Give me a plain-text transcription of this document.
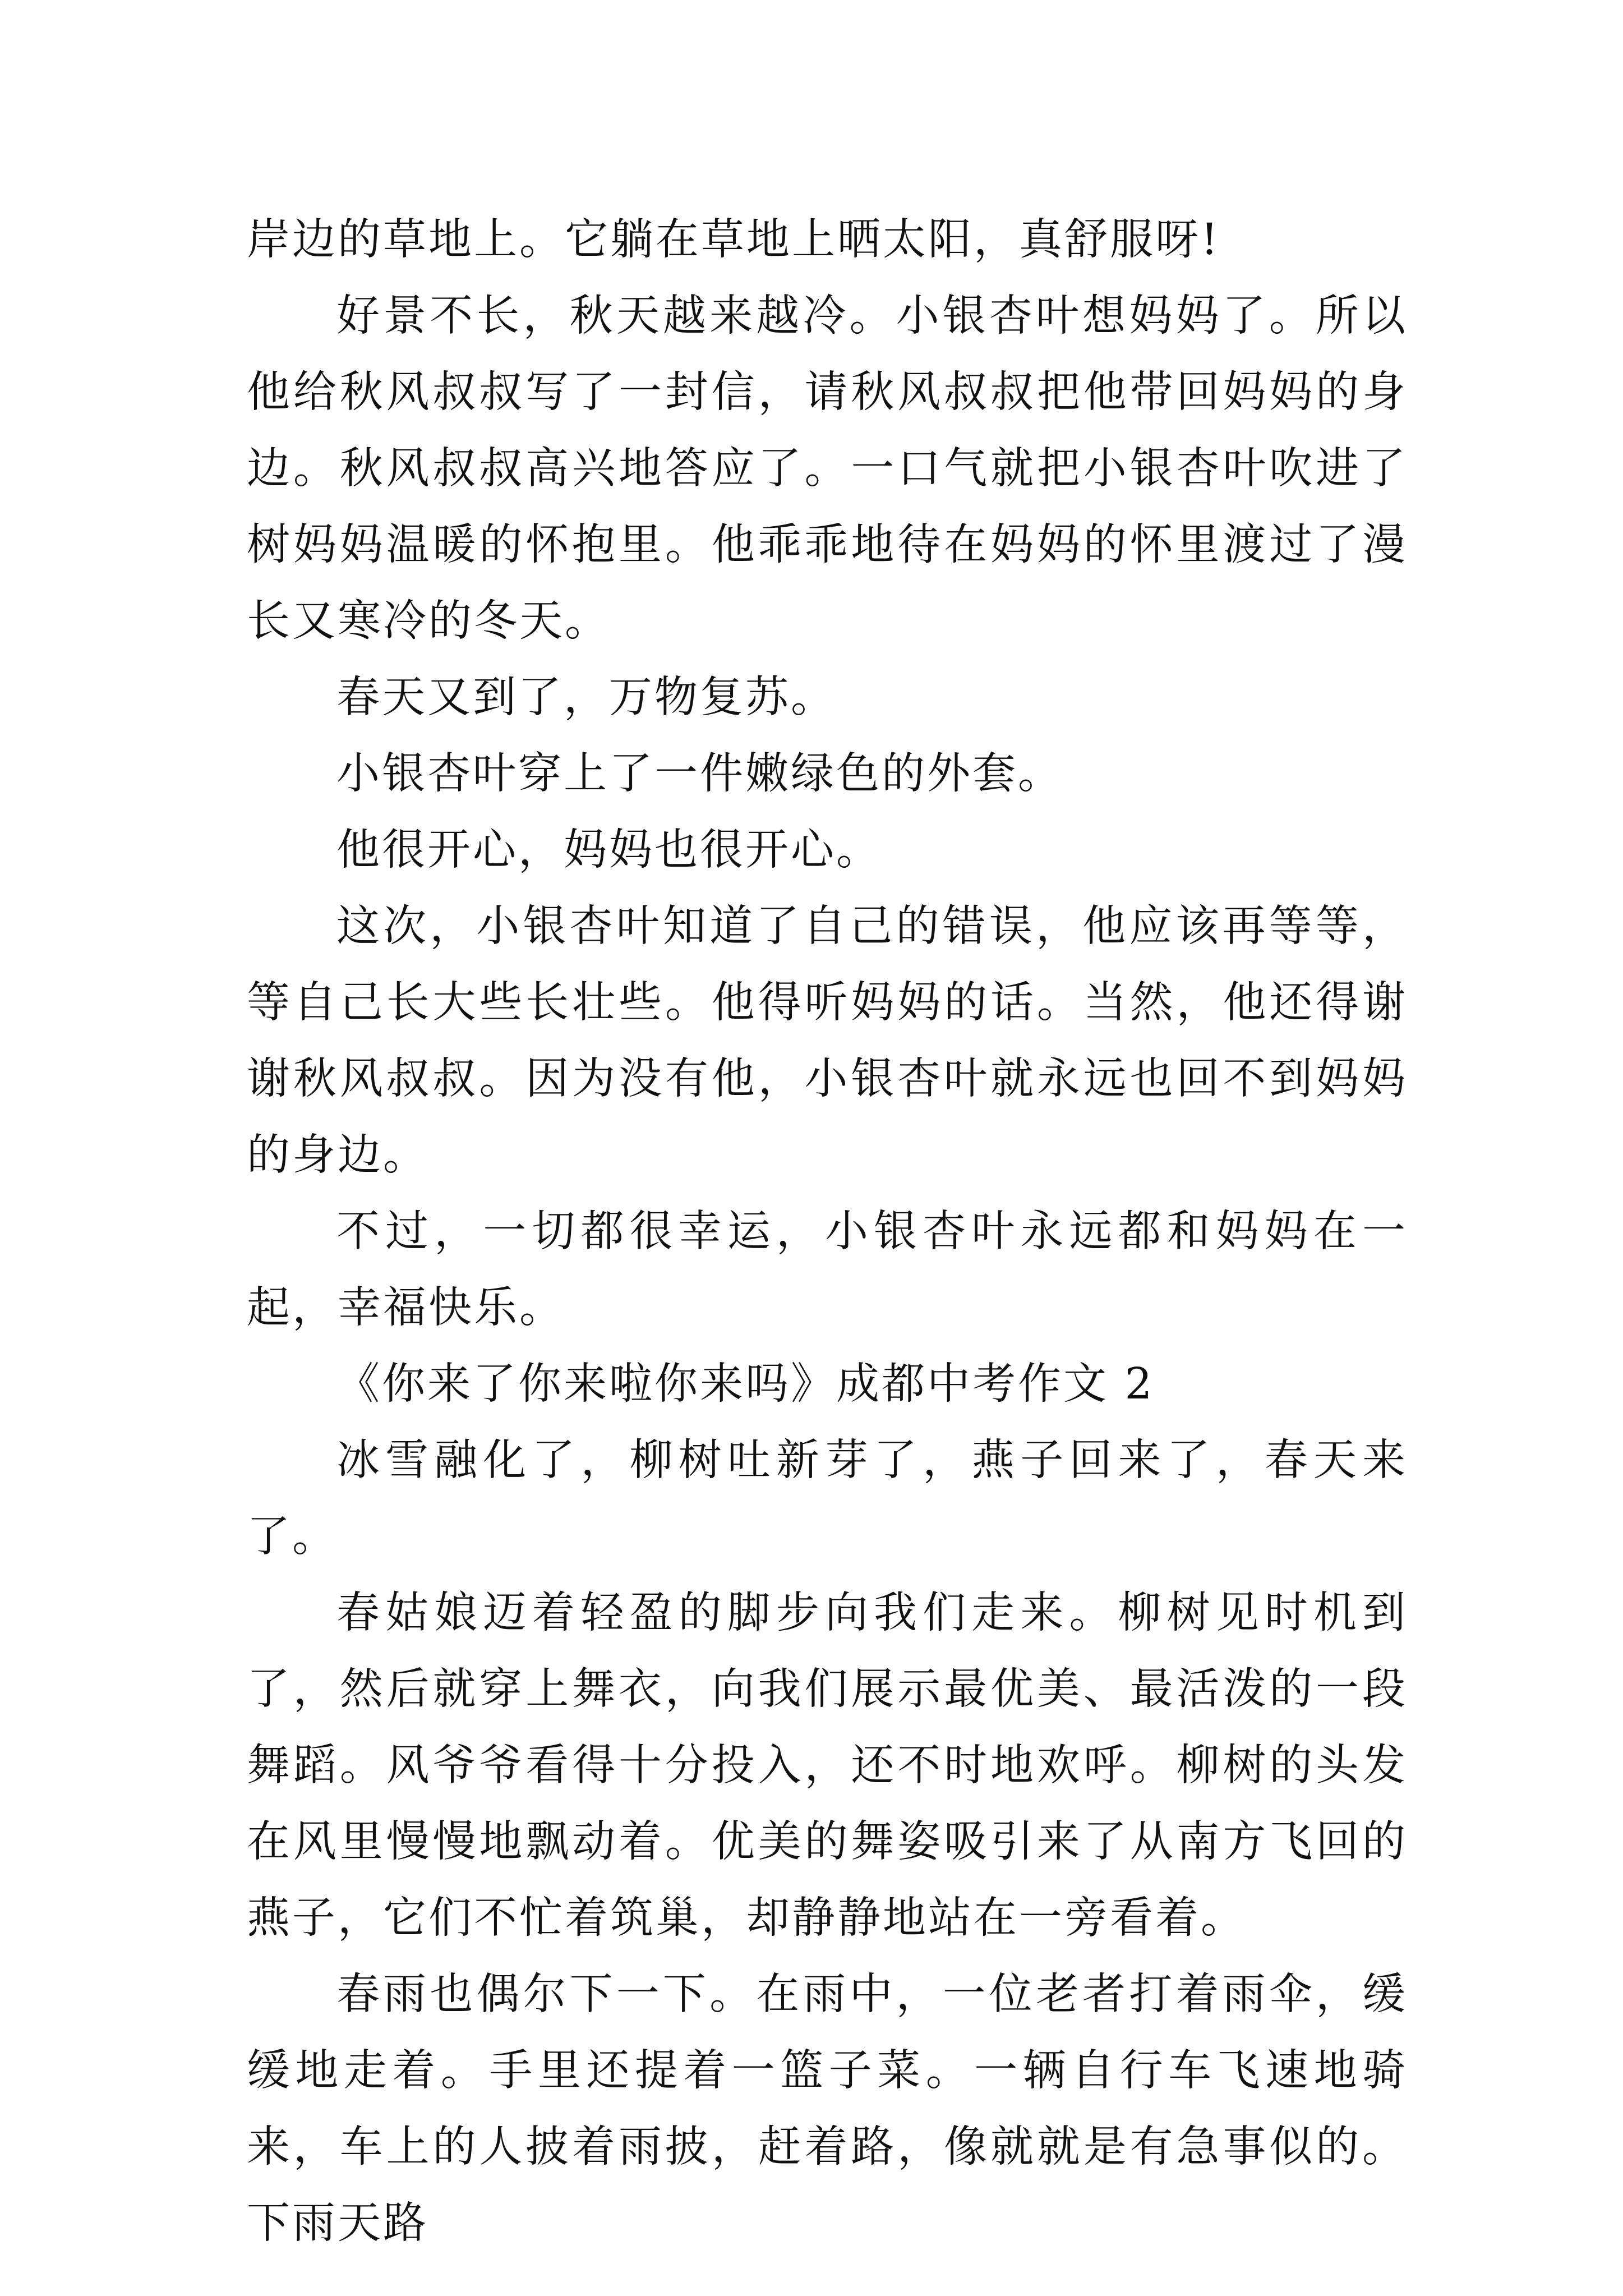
岸边的草地上。它躺在草地上晒太阳，真舒服呀!

好景不长，秋天越来越冷。小银杏叶想妈妈了。所以他给秋风叔叔写了一封信，请秋风叔叔把他带回妈妈的身边。秋风叔叔高兴地答应了。一口气就把小银杏叶吹进了树妈妈温暖的怀抱里。他乖乖地待在妈妈的怀里渡过了漫长又寒冷的冬天。

春天又到了，万物复苏。

小银杏叶穿上了一件嫩绿色的外套。

他很开心，妈妈也很开心。

这次，小银杏叶知道了自己的错误，他应该再等等，等自己长大些长壮些。他得听妈妈的话。当然，他还得谢谢秋风叔叔。因为没有他，小银杏叶就永远也回不到妈妈的身边。

不过，一切都很幸运，小银杏叶永远都和妈妈在一起，幸福快乐。

《你来了你来啦你来吗》成都中考作文 2

冰雪融化了，柳树吐新芽了，燕子回来了，春天来了。

春姑娘迈着轻盈的脚步向我们走来。柳树见时机到了，然后就穿上舞衣，向我们展示最优美、最活泼的一段舞蹈。风爷爷看得十分投入，还不时地欢呼。柳树的头发在风里慢慢地飘动着。优美的舞姿吸引来了从南方飞回的燕子，它们不忙着筑巢，却静静地站在一旁看着。

春雨也偶尔下一下。在雨中，一位老者打着雨伞，缓缓地走着。手里还提着一篮子菜。一辆自行车飞速地骑来，车上的人披着雨披，赶着路，像就就是有急事似的。下雨天路
